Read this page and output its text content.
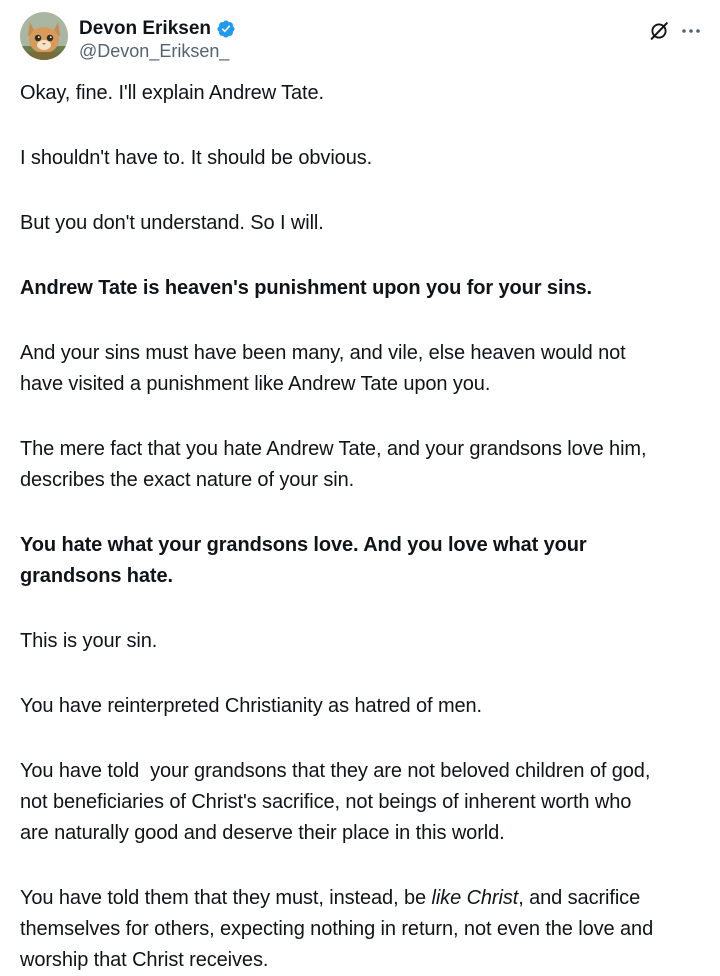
Devon Eriksen
@Devon_Eriksen_

Okay, fine. I'll explain Andrew Tate.

I shouldn't have to. It should be obvious.

But you don't understand. So I will.

Andrew Tate is heaven's punishment upon you for your sins.

And your sins must have been many, and vile, else heaven would not

have visited a punishment like Andrew Tate upon you.

The mere fact that you hate Andrew Tate, and your grandsons love him,

describes the exact nature of your sin.

You hate what your grandsons love. And you love what your

grandsons hate.

This is your sin.

You have reinterpreted Christianity as hatred of men.

You have told  your grandsons that they are not beloved children of god,

not beneficiaries of Christ's sacrifice, not beings of inherent worth who

are naturally good and deserve their place in this world.

You have told them that they must, instead, be like Christ, and sacrifice

themselves for others, expecting nothing in return, not even the love and

worship that Christ receives.
